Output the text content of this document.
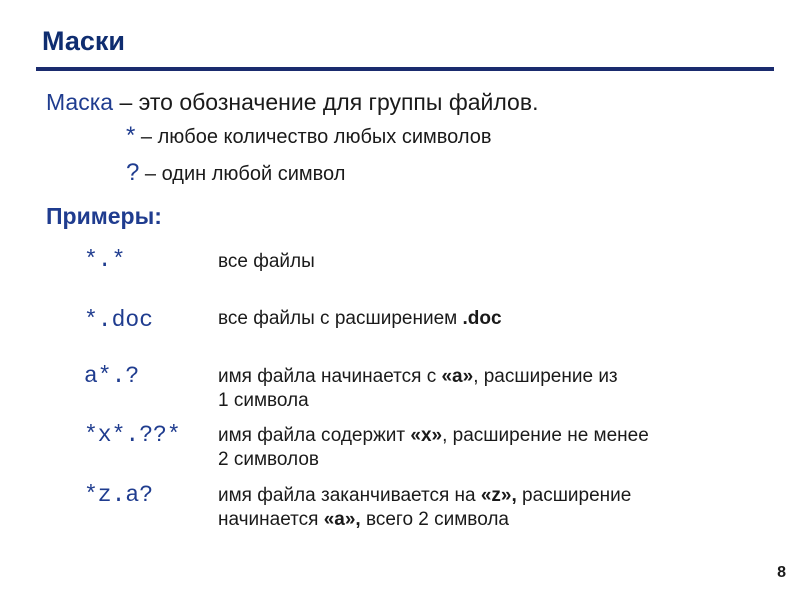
Маски
Маска – это обозначение для группы файлов.
* – любое количество любых символов
? – один любой символ
Примеры:
*.*	все файлы
*.doc	все файлы с расширением .doc
a*.?	имя файла начинается с «a», расширение из
1 символа
*x*.??* имя файла содержит «х», расширение не менее
2 символов
*z.a?	имя файла заканчивается на «z», расширение
начинается «а», всего 2 символа
8
